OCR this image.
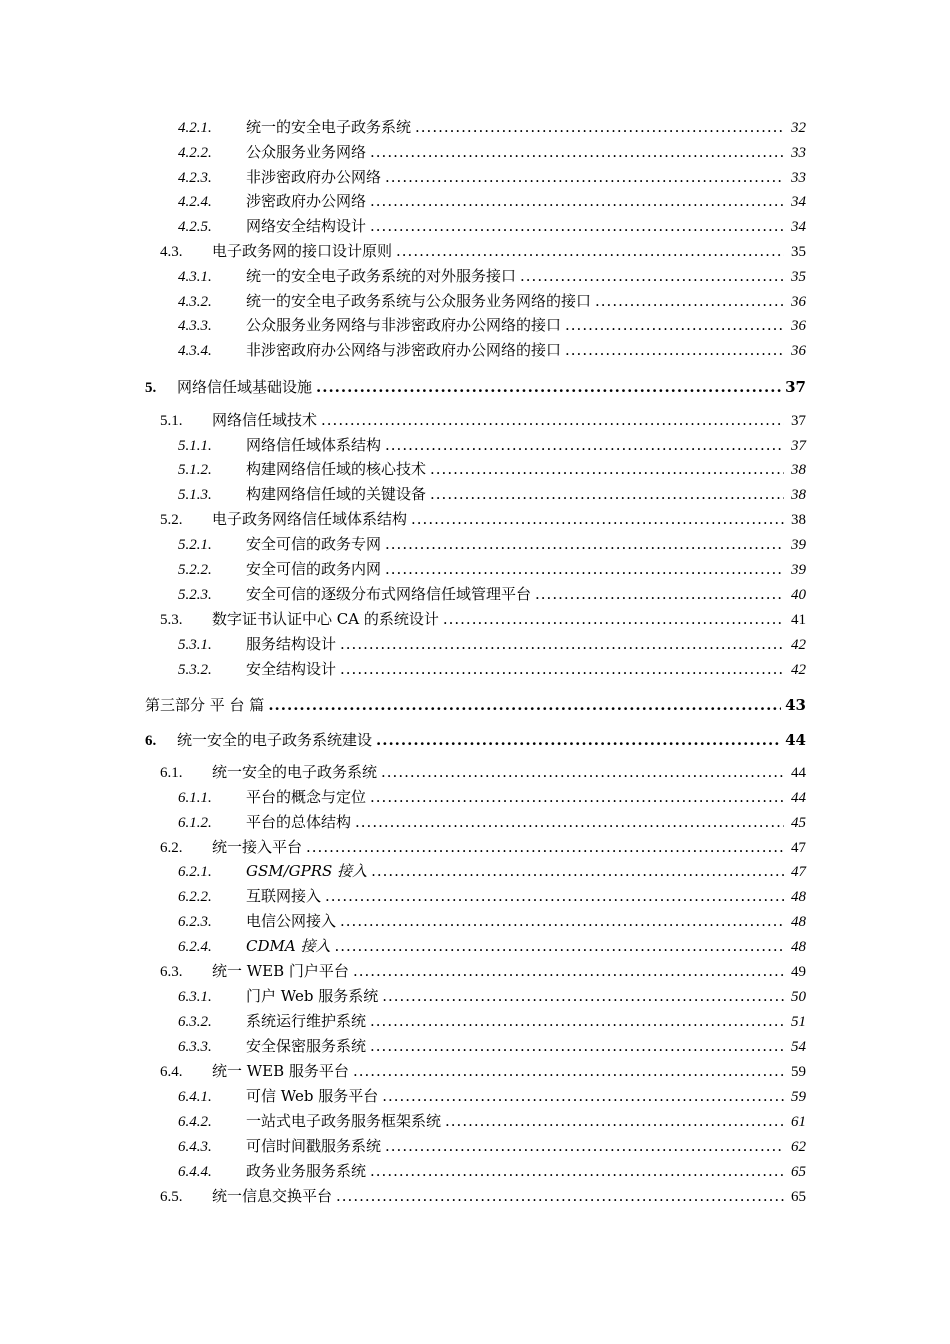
4.2.1.	统一的安全电子政务系统 .....	32
4.2.2.	公众服务业务网络 .....	33
4.2.3.	非涉密政府办公网络 .....	33
4.2.4.	涉密政府办公网络 .....	34
4.2.5.	网络安全结构设计 .....	34
4.3.	电子政务网的接口设计原则 .....	35
4.3.1.	统一的安全电子政务系统的对外服务接口 .....	35
4.3.2.	统一的安全电子政务系统与公众服务业务网络的接口 .....	36
4.3.3.	公众服务业务网络与非涉密政府办公网络的接口 .....	36
4.3.4.	非涉密政府办公网络与涉密政府办公网络的接口 .....	36
5.	网络信任域基础设施 .....	37
5.1.	网络信任域技术 .....	37
5.1.1.	网络信任域体系结构 .....	37
5.1.2.	构建网络信任域的核心技术 .....	38
5.1.3.	构建网络信任域的关键设备 .....	38
5.2.	电子政务网络信任域体系结构 .....	38
5.2.1.	安全可信的政务专网 .....	39
5.2.2.	安全可信的政务内网 .....	39
5.2.3.	安全可信的逐级分布式网络信任域管理平台 .....	40
5.3.	数字证书认证中心 CA 的系统设计 .....	41
5.3.1.	服务结构设计 .....	42
5.3.2.	安全结构设计 .....	42
第三部分 平 台 篇 .....	43
6.	统一安全的电子政务系统建设 .....	44
6.1.	统一安全的电子政务系统 .....	44
6.1.1.	平台的概念与定位 .....	44
6.1.2.	平台的总体结构 .....	45
6.2.	统一接入平台 .....	47
6.2.1.	GSM/GPRS 接入 .....	47
6.2.2.	互联网接入 .....	48
6.2.3.	电信公网接入 .....	48
6.2.4.	CDMA 接入 .....	48
6.3.	统一 WEB 门户平台 .....	49
6.3.1.	门户 Web 服务系统 .....	50
6.3.2.	系统运行维护系统 .....	51
6.3.3.	安全保密服务系统 .....	54
6.4.	统一 WEB 服务平台 .....	59
6.4.1.	可信 Web 服务平台 .....	59
6.4.2.	一站式电子政务服务框架系统 .....	61
6.4.3.	可信时间戳服务系统 .....	62
6.4.4.	政务业务服务系统 .....	65
6.5.	统一信息交换平台 .....	65
